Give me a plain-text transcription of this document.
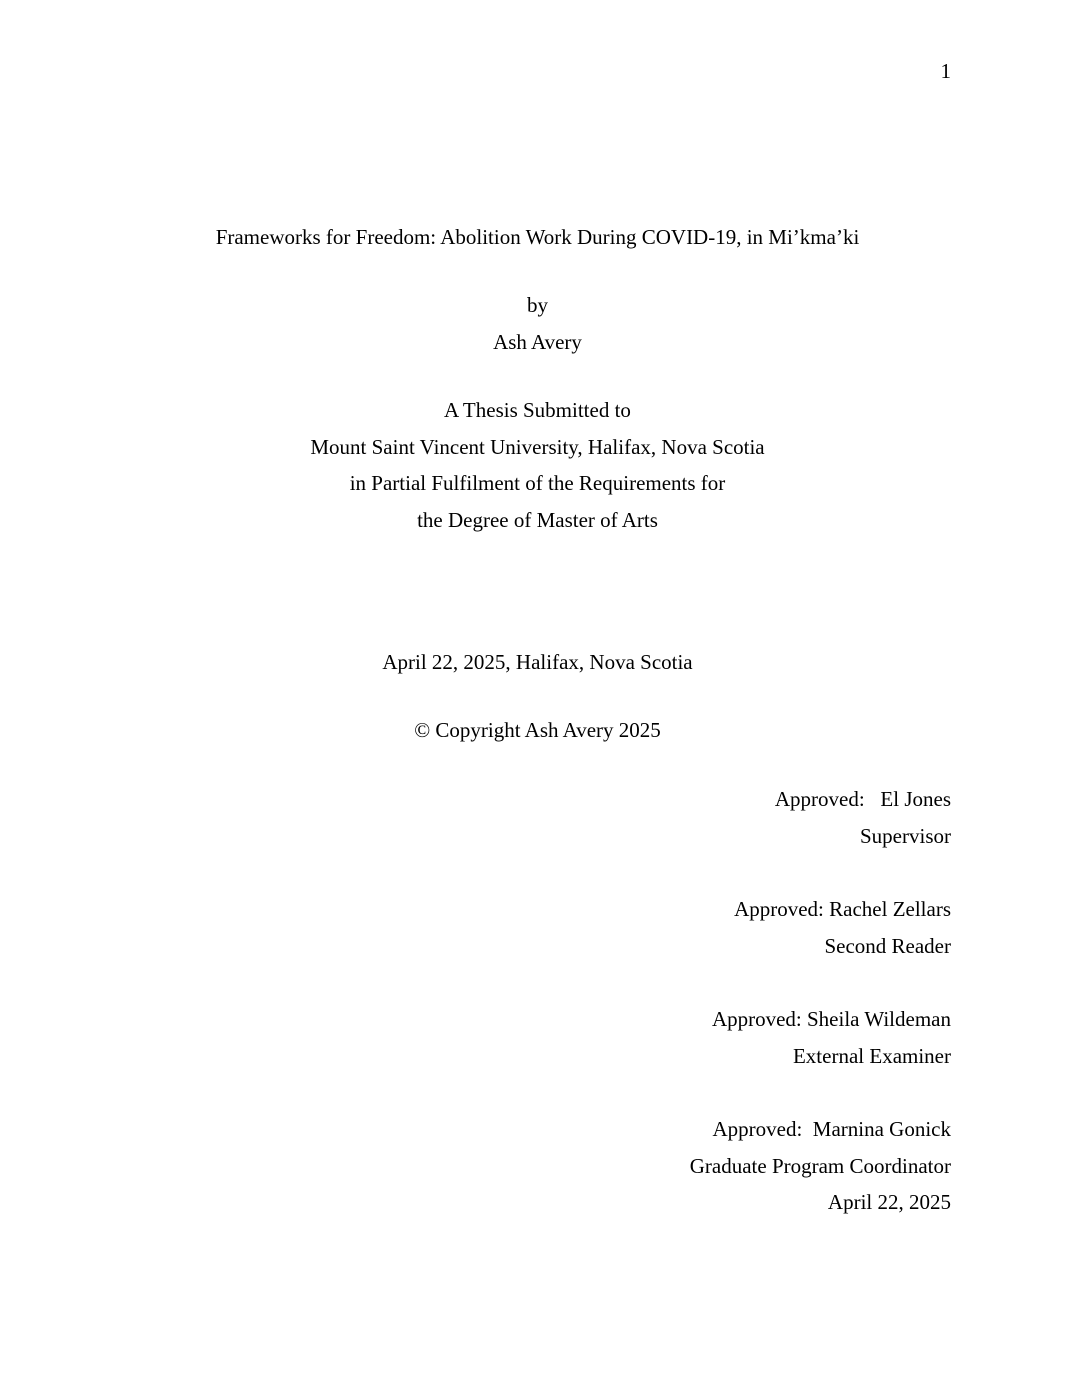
1
Frameworks for Freedom: Abolition Work During COVID-19, in Mi’kma’ki
by
Ash Avery
A Thesis Submitted to
Mount Saint Vincent University, Halifax, Nova Scotia
in Partial Fulfilment of the Requirements for
the Degree of Master of Arts
April 22, 2025, Halifax, Nova Scotia
© Copyright Ash Avery 2025
Approved:   El Jones
Supervisor
Approved: Rachel Zellars
Second Reader
Approved: Sheila Wildeman
External Examiner
Approved:  Marnina Gonick
Graduate Program Coordinator
April 22, 2025
